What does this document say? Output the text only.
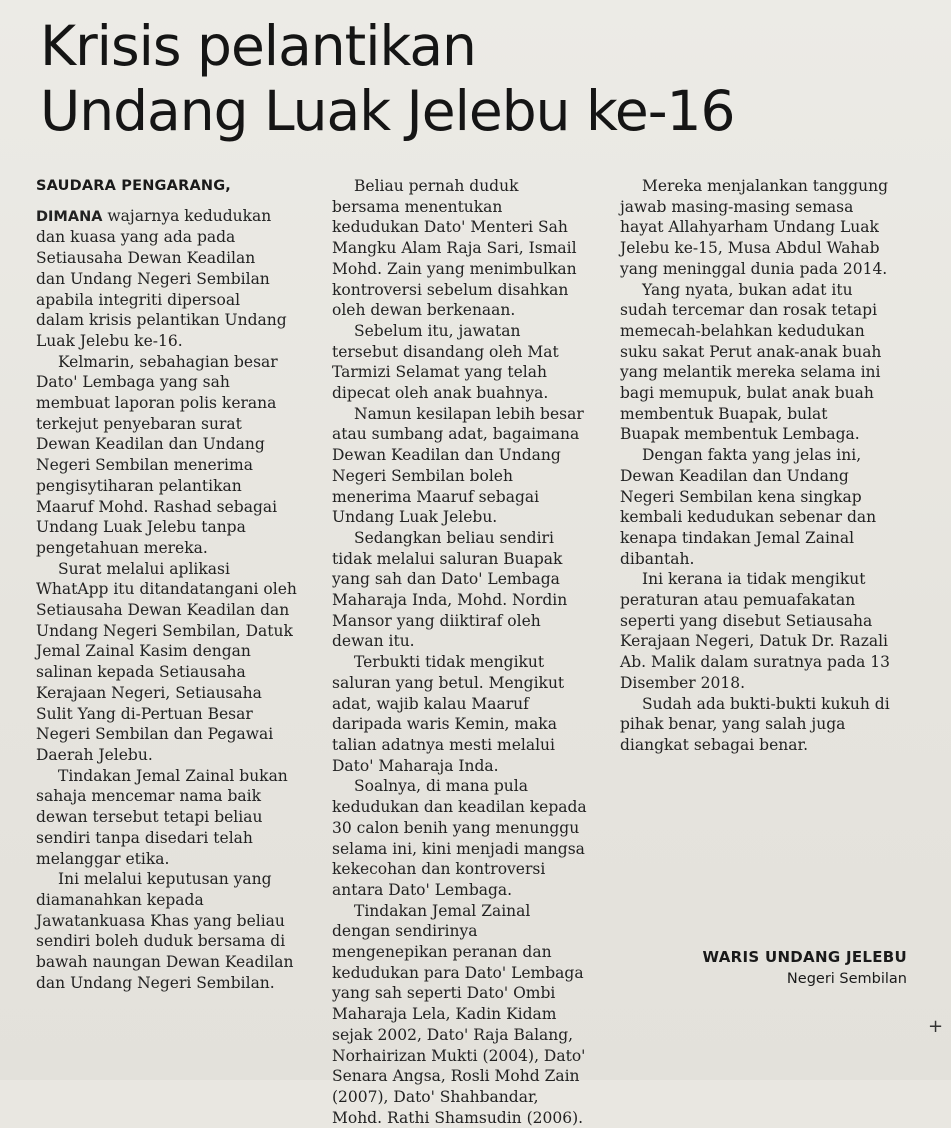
Krisis pelantikan
Undang Luak Jelebu ke-16
SAUDARA PENGARANG,

DIMANA wajarnya kedudukan
dan kuasa yang ada pada
Setiausaha Dewan Keadilan
dan Undang Negeri Sembilan
apabila integriti dipersoal
dalam krisis pelantikan Undang
Luak Jelebu ke-16.

Kelmarin, sebahagian besar Dato' Lembaga yang sah membuat laporan polis kerana terkejut penyebaran surat Dewan Keadilan dan Undang Negeri Sembilan menerima pengisytiharan pelantikan Maaruf Mohd. Rashad sebagai Undang Luak Jelebu tanpa pengetahuan mereka.

Surat melalui aplikasi WhatApp itu ditandatangani oleh Setiausaha Dewan Keadilan dan Undang Negeri Sembilan, Datuk Jemal Zainal Kasim dengan salinan kepada Setiausaha Kerajaan Negeri, Setiausaha Sulit Yang di-Pertuan Besar Negeri Sembilan dan Pegawai Daerah Jelebu.

Tindakan Jemal Zainal bukan sahaja mencemar nama baik dewan tersebut tetapi beliau sendiri tanpa disedari telah melanggar etika.

Ini melalui keputusan yang diamanahkan kepada Jawatankuasa Khas yang beliau sendiri boleh duduk bersama di bawah naungan Dewan Keadilan dan Undang Negeri Sembilan.

Beliau pernah duduk bersama menentukan kedudukan Dato' Menteri Sah Mangku Alam Raja Sari, Ismail Mohd. Zain yang menimbulkan kontroversi sebelum disahkan oleh dewan berkenaan.

Sebelum itu, jawatan tersebut disandang oleh Mat Tarmizi Selamat yang telah dipecat oleh anak buahnya.

Namun kesilapan lebih besar atau sumbang adat, bagaimana Dewan Keadilan dan Undang Negeri Sembilan boleh menerima Maaruf sebagai Undang Luak Jelebu.

Sedangkan beliau sendiri tidak melalui saluran Buapak yang sah dan Dato' Lembaga Maharaja Inda, Mohd. Nordin Mansor yang diiktiraf oleh dewan itu.

Terbukti tidak mengikut saluran yang betul. Mengikut adat, wajib kalau Maaruf daripada waris Kemin, maka talian adatnya mesti melalui Dato' Maharaja Inda.

Soalnya, di mana pula kedudukan dan keadilan kepada 30 calon benih yang menunggu selama ini, kini menjadi mangsa kekecohan dan kontroversi antara Dato' Lembaga.

Tindakan Jemal Zainal dengan sendirinya mengenepikan peranan dan kedudukan para Dato' Lembaga yang sah seperti Dato' Ombi Maharaja Lela, Kadin Kidam sejak 2002, Dato' Raja Balang, Norhairizan Mukti (2004), Dato' Senara Angsa, Rosli Mohd Zain (2007), Dato' Shahbandar, Mohd. Rathi Shamsudin (2006).

Mereka menjalankan tanggung jawab masing-masing semasa hayat Allahyarham Undang Luak Jelebu ke-15, Musa Abdul Wahab yang meninggal dunia pada 2014.

Yang nyata, bukan adat itu sudah tercemar dan rosak tetapi memecah-belahkan kedudukan suku sakat Perut anak-anak buah yang melantik mereka selama ini bagi memupuk, bulat anak buah membentuk Buapak, bulat Buapak membentuk Lembaga.

Dengan fakta yang jelas ini, Dewan Keadilan dan Undang Negeri Sembilan kena singkap kembali kedudukan sebenar dan kenapa tindakan Jemal Zainal dibantah.

Ini kerana ia tidak mengikut peraturan atau pemuafakatan seperti yang disebut Setiausaha Kerajaan Negeri, Datuk Dr. Razali Ab. Malik dalam suratnya pada 13 Disember 2018.

Sudah ada bukti-bukti kukuh di pihak benar, yang salah juga diangkat sebagai benar.

WARIS UNDANG JELEBU
Negeri Sembilan
+
